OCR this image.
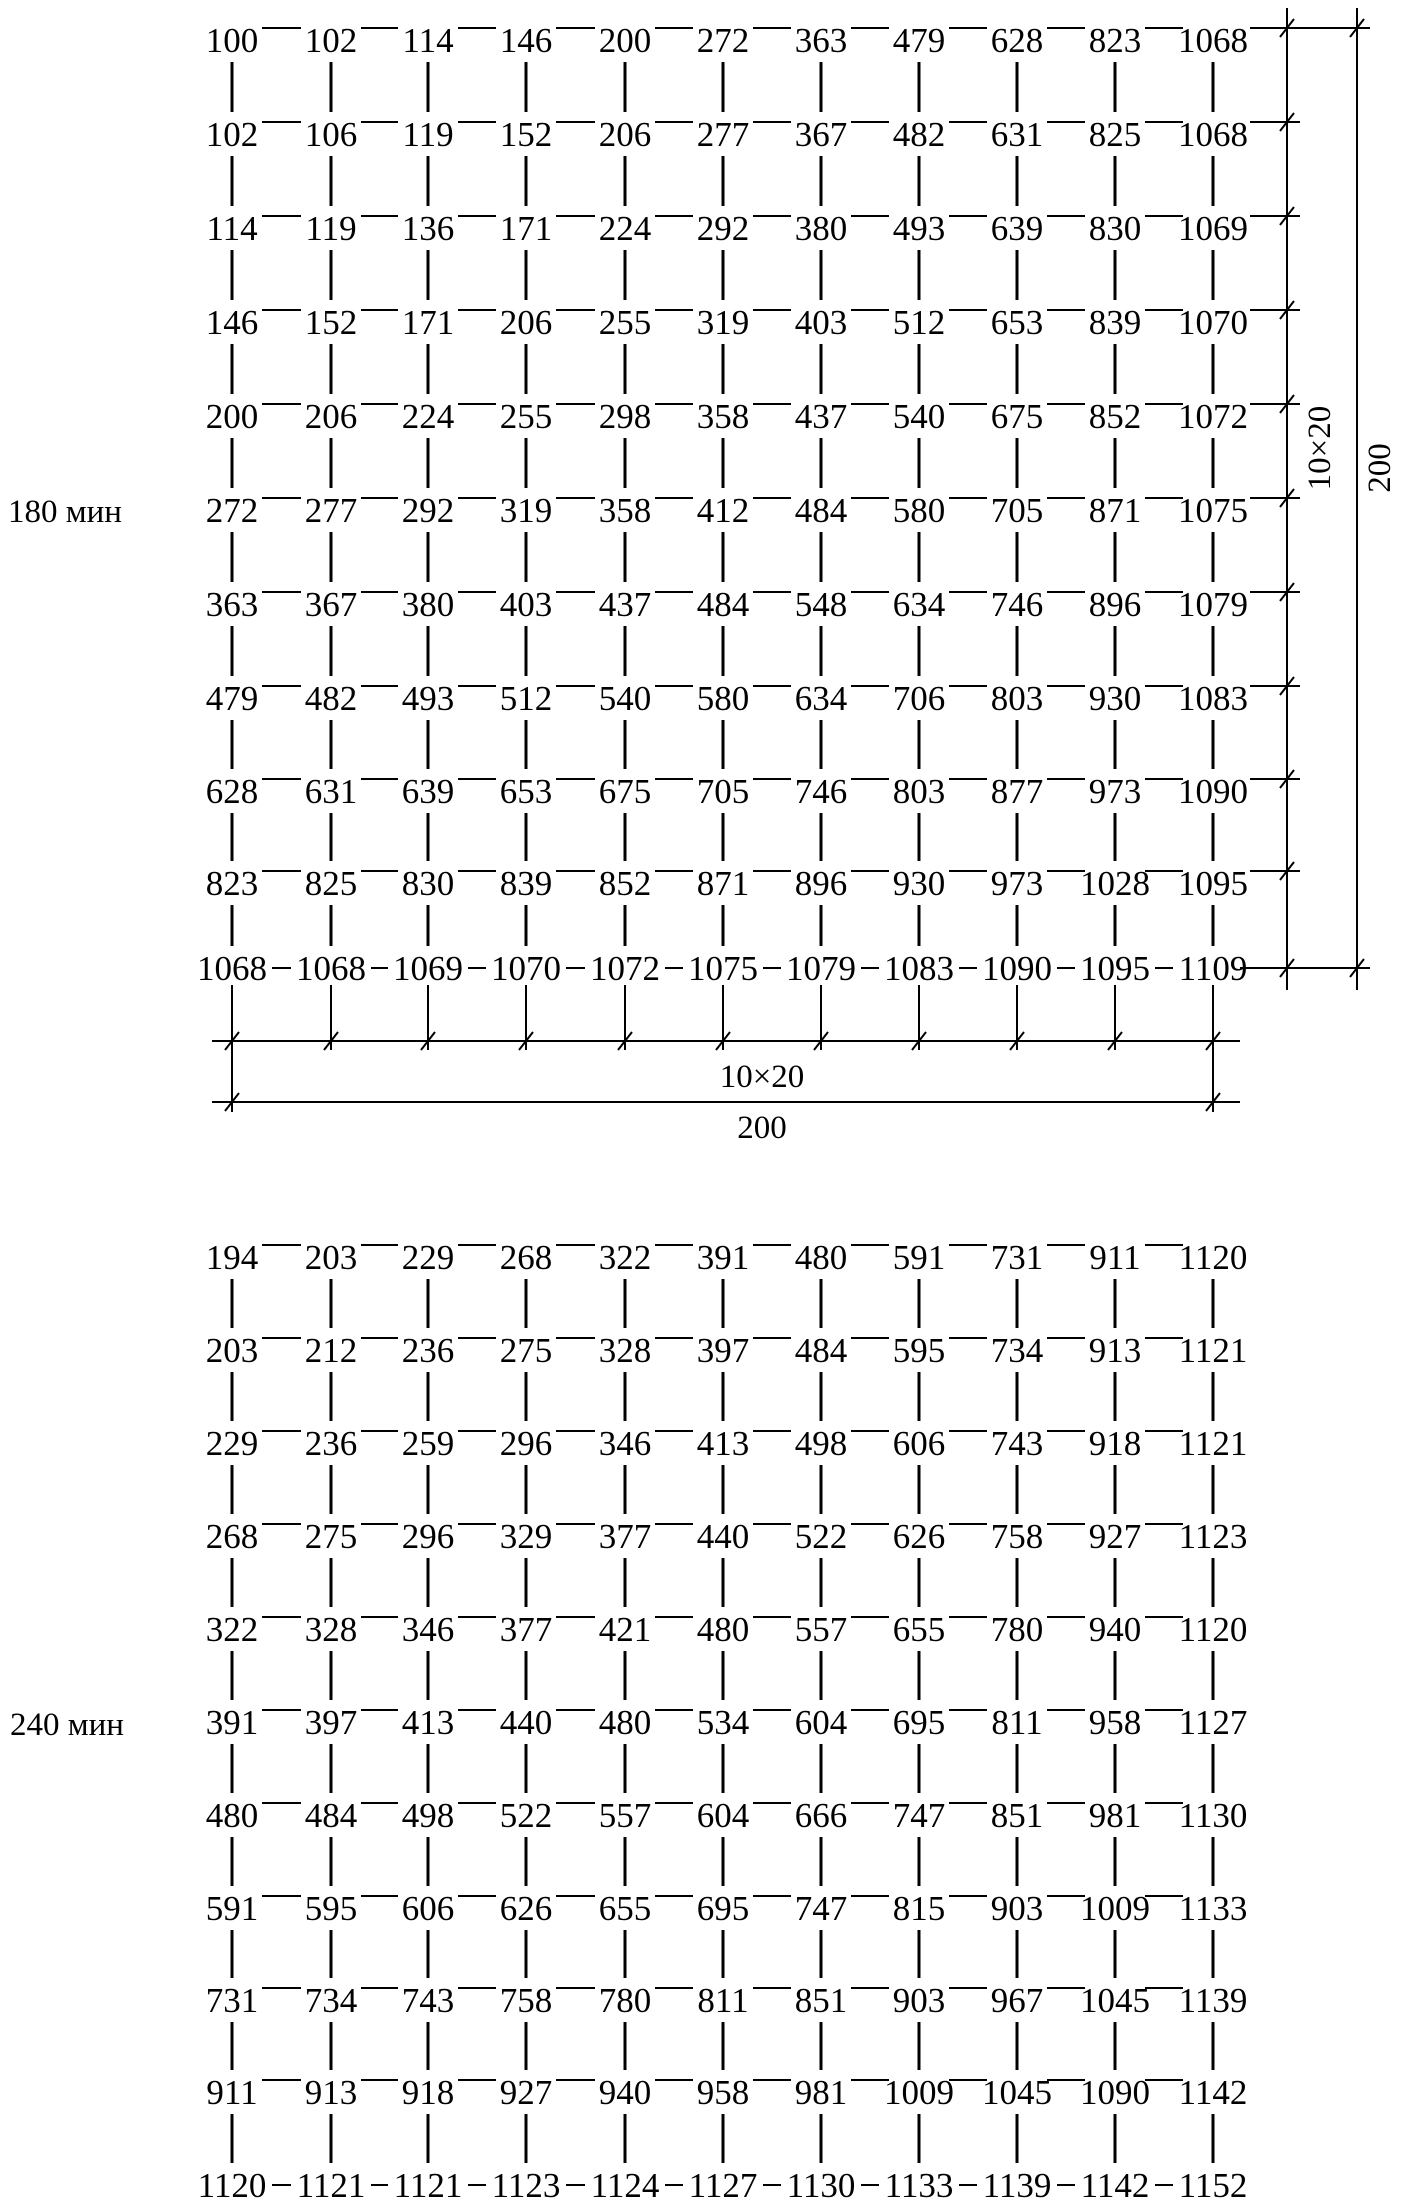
100 102 114 146 200 272 363 479 628 823 1068
102 106 119 152 206 277 367 482 631 825 1068
114 119 136 171 224 292 380 493 639 830 1069
146 152 171 206 255 319 403 512 653 839 1070
200 206 224 255 298 358 437 540 675 852 1072
272 277 292 319 358 412 484 580 705 871 1075
363 367 380 403 437 484 548 634 746 896 1079
479 482 493 512 540 580 634 706 803 930 1083
628 631 639 653 675 705 746 803 877 973 1090
823 825 830 839 852 871 896 930 973 1028 1095
1068 1068 1069 1070 1072 1075 1079 1083 1090 1095 1109
194 203 229 268 322 391 480 591 731 911 1120
203 212 236 275 328 397 484 595 734 913 1121
229 236 259 296 346 413 498 606 743 918 1121
268 275 296 329 377 440 522 626 758 927 1123
322 328 346 377 421 480 557 655 780 940 1120
391 397 413 440 480 534 604 695 811 958 1127
480 484 498 522 557 604 666 747 851 981 1130
591 595 606 626 655 695 747 815 903 1009 1133
731 734 743 758 780 811 851 903 967 1045 1139
911 913 918 927 940 958 981 1009 1045 1090 1142
1120 1121 1121 1123 1124 1127 1130 1133 1139 1142 1152
180 мин
240 мин
10×20
200
10×20 200
